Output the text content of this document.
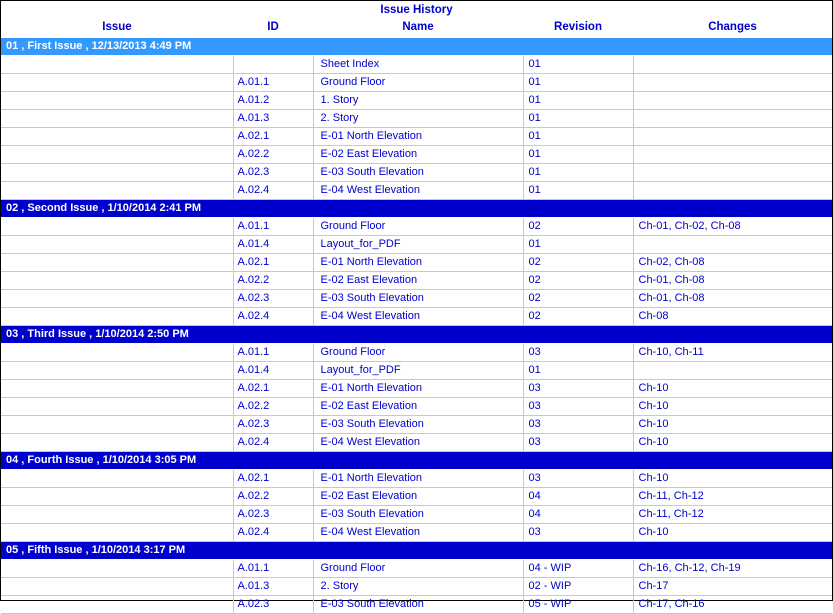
Issue History
Issue	ID	Name	Revision	Changes
01 , First Issue , 12/13/2013 4:49 PM				
		Sheet Index	01	
	A.01.1	Ground Floor	01	
	A.01.2	1. Story	01	
	A.01.3	2. Story	01	
	A.02.1	E-01 North Elevation	01	
	A.02.2	E-02 East Elevation	01	
	A.02.3	E-03 South Elevation	01	
	A.02.4	E-04 West Elevation	01	
02 , Second Issue , 1/10/2014 2:41 PM				
	A.01.1	Ground Floor	02	Ch-01, Ch-02, Ch-08
	A.01.4	Layout_for_PDF	01	
	A.02.1	E-01 North Elevation	02	Ch-02, Ch-08
	A.02.2	E-02 East Elevation	02	Ch-01, Ch-08
	A.02.3	E-03 South Elevation	02	Ch-01, Ch-08
	A.02.4	E-04 West Elevation	02	Ch-08
03 , Third Issue , 1/10/2014 2:50 PM				
	A.01.1	Ground Floor	03	Ch-10, Ch-11
	A.01.4	Layout_for_PDF	01	
	A.02.1	E-01 North Elevation	03	Ch-10
	A.02.2	E-02 East Elevation	03	Ch-10
	A.02.3	E-03 South Elevation	03	Ch-10
	A.02.4	E-04 West Elevation	03	Ch-10
04 , Fourth Issue , 1/10/2014 3:05 PM				
	A.02.1	E-01 North Elevation	03	Ch-10
	A.02.2	E-02 East Elevation	04	Ch-11, Ch-12
	A.02.3	E-03 South Elevation	04	Ch-11, Ch-12
	A.02.4	E-04 West Elevation	03	Ch-10
05 , Fifth Issue , 1/10/2014 3:17 PM				
	A.01.1	Ground Floor	04 - WIP	Ch-16, Ch-12, Ch-19
	A.01.3	2. Story	02 - WIP	Ch-17
	A.02.3	E-03 South Elevation	05 - WIP	Ch-17, Ch-16
